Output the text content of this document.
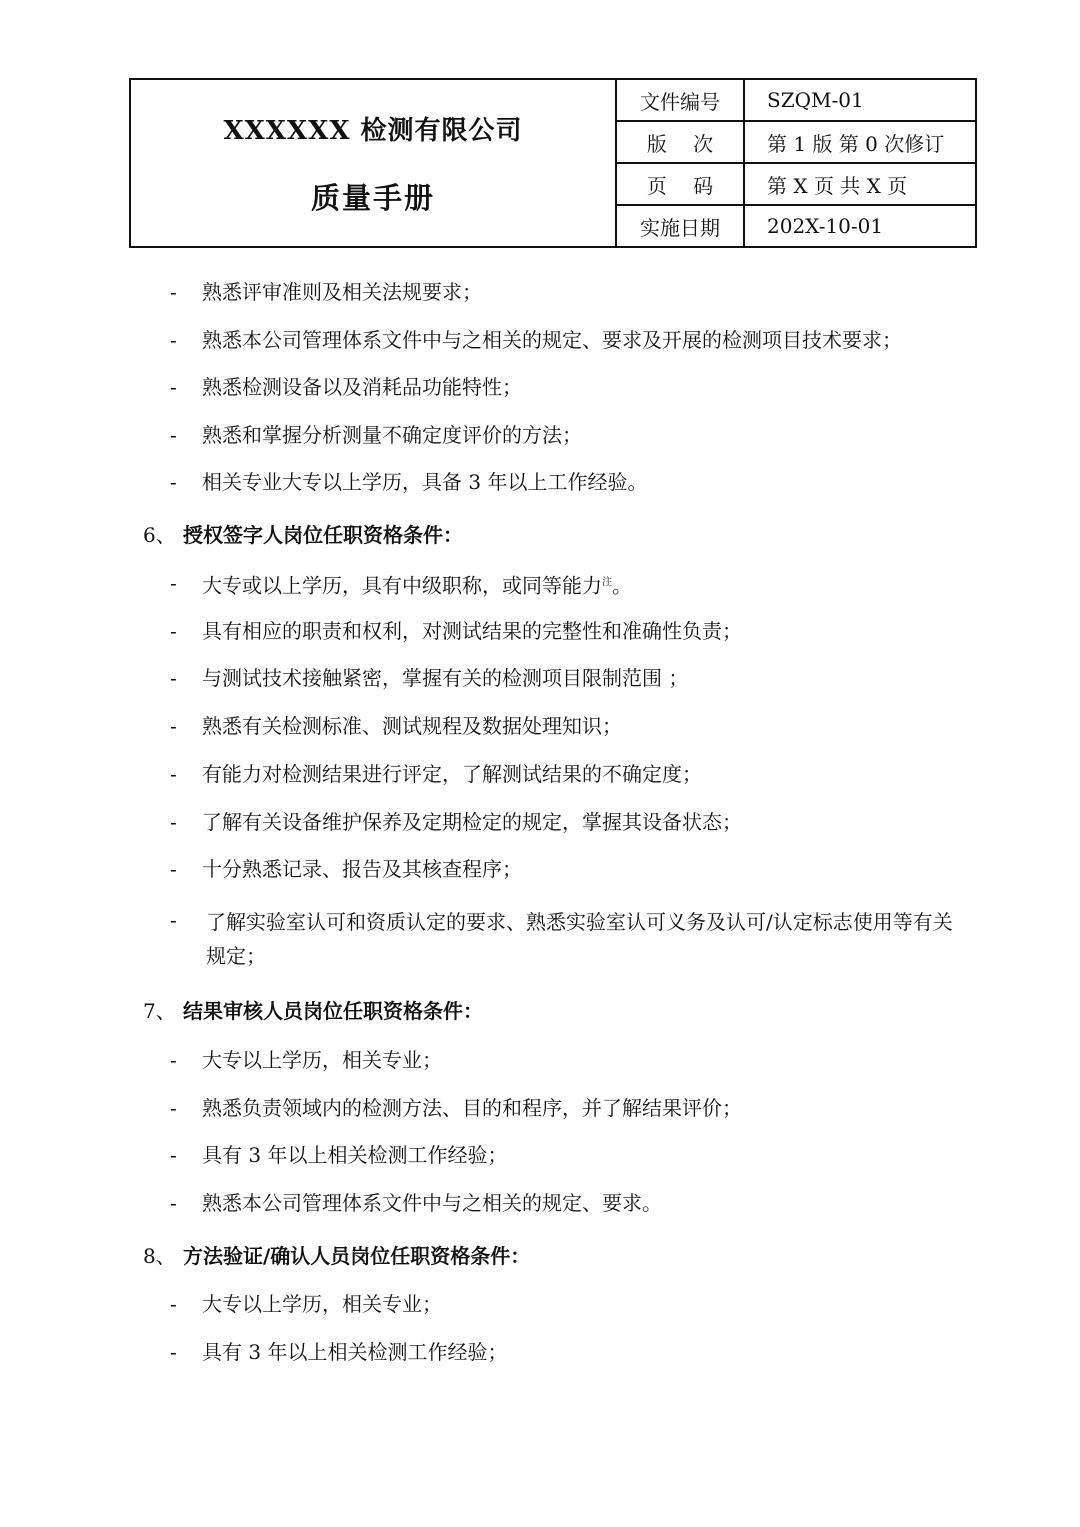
XXXXXX 检测有限公司
质量手册
文件编号	SZQM-01
版　 次	第 1 版 第 0 次修订
页　 码	第 X 页 共 X 页
实施日期	202X-10-01
- 熟悉评审准则及相关法规要求；
- 熟悉本公司管理体系文件中与之相关的规定、要求及开展的检测项目技术要求；
- 熟悉检测设备以及消耗品功能特性；
- 熟悉和掌握分析测量不确定度评价的方法；
- 相关专业大专以上学历，具备 3 年以上工作经验。
6、 授权签字人岗位任职资格条件：
- 大专或以上学历，具有中级职称，或同等能力$^注$。
- 具有相应的职责和权利，对测试结果的完整性和准确性负责；
- 与测试技术接触紧密，掌握有关的检测项目限制范围 ；
- 熟悉有关检测标准、测试规程及数据处理知识；
- 有能力对检测结果进行评定，了解测试结果的不确定度；
- 了解有关设备维护保养及定期检定的规定，掌握其设备状态；
- 十分熟悉记录、报告及其核查程序；
- 了解实验室认可和资质认定的要求、熟悉实验室认可义务及认可/认定标志使用等有关规定；
7、 结果审核人员岗位任职资格条件：
- 大专以上学历，相关专业；
- 熟悉负责领域内的检测方法、目的和程序，并了解结果评价；
- 具有 3 年以上相关检测工作经验；
- 熟悉本公司管理体系文件中与之相关的规定、要求。
8、 方法验证/确认人员岗位任职资格条件：
- 大专以上学历，相关专业；
- 具有 3 年以上相关检测工作经验；
